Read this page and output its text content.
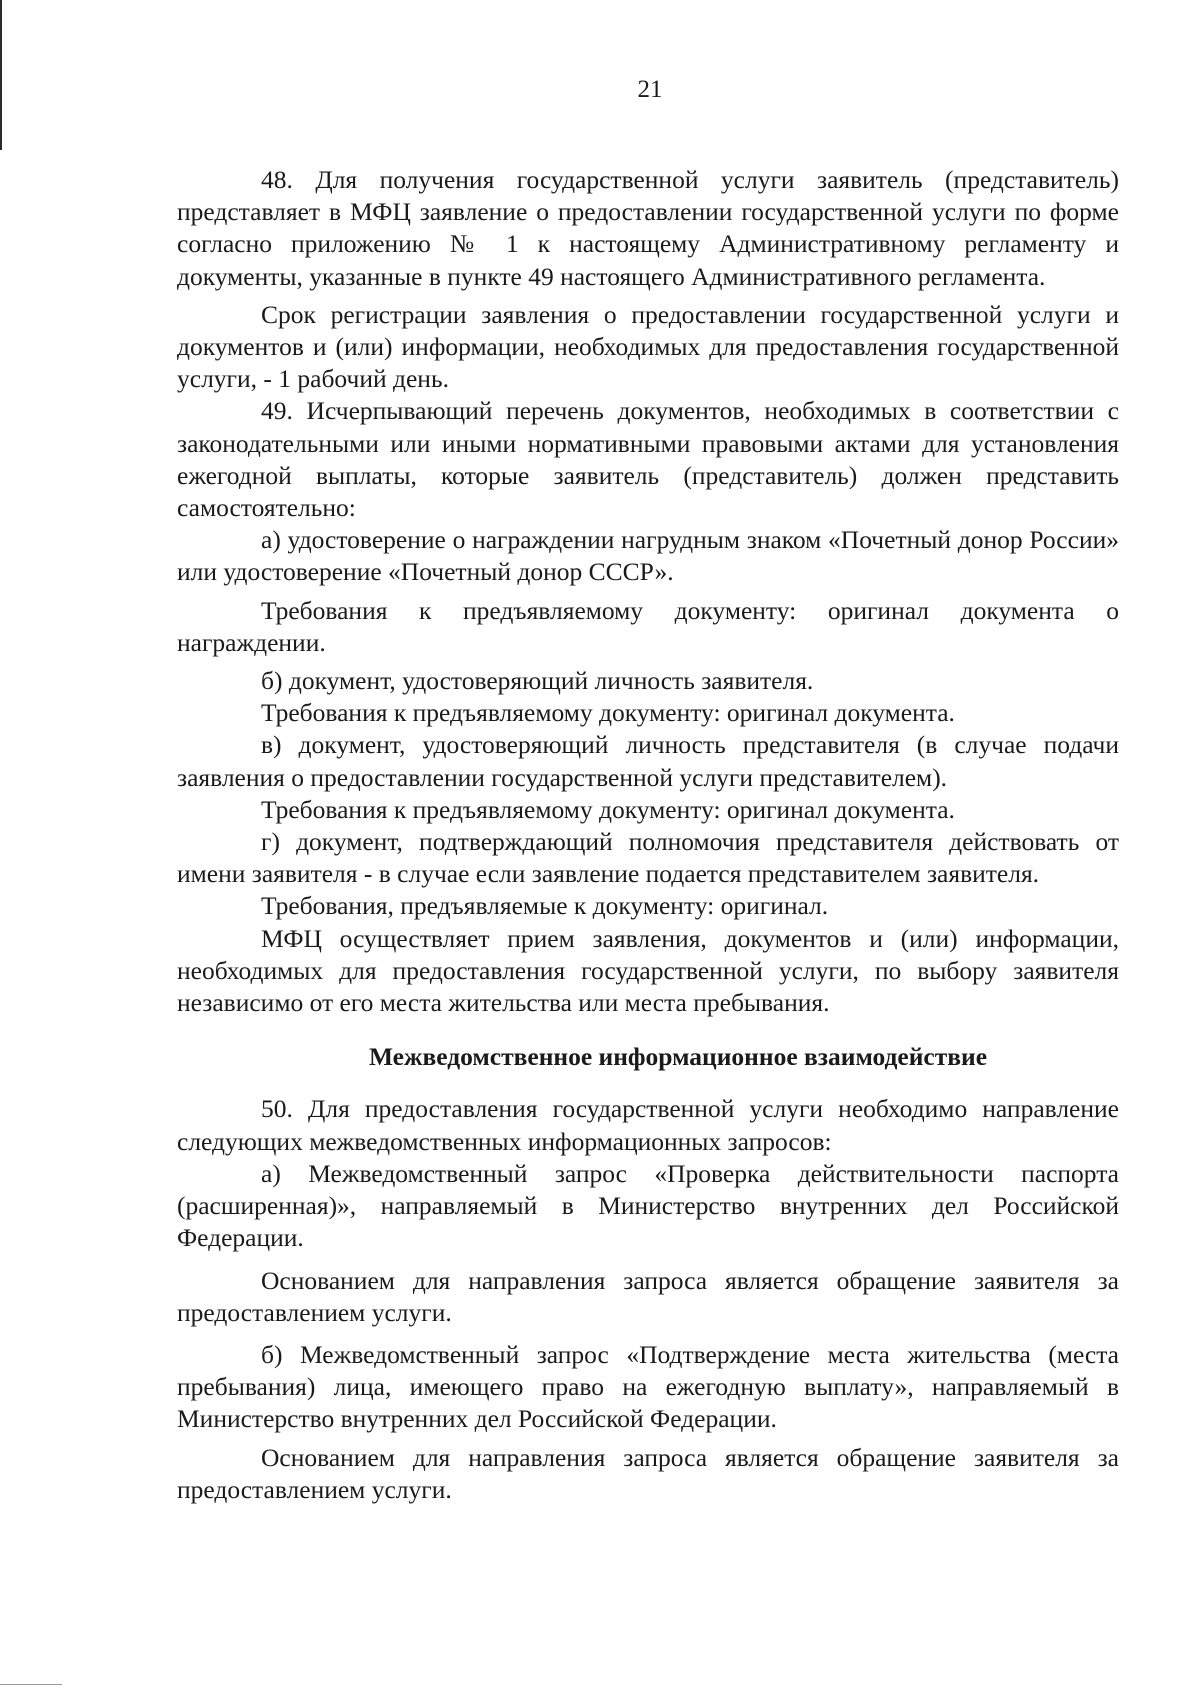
21

48. Для получения государственной услуги заявитель (представитель) представляет в МФЦ заявление о предоставлении государственной услуги по форме согласно приложению № 1 к настоящему Административному регламенту и документы, указанные в пункте 49 настоящего Административного регламента.

Срок регистрации заявления о предоставлении государственной услуги и документов и (или) информации, необходимых для предоставления государственной услуги, - 1 рабочий день.

49. Исчерпывающий перечень документов, необходимых в соответствии с законодательными или иными нормативными правовыми актами для установления ежегодной выплаты, которые заявитель (представитель) должен представить самостоятельно:

а) удостоверение о награждении нагрудным знаком «Почетный донор России» или удостоверение «Почетный донор СССР».

Требования к предъявляемому документу: оригинал документа о награждении.

б) документ, удостоверяющий личность заявителя.

Требования к предъявляемому документу: оригинал документа.

в) документ, удостоверяющий личность представителя (в случае подачи заявления о предоставлении государственной услуги представителем).

Требования к предъявляемому документу: оригинал документа.

г) документ, подтверждающий полномочия представителя действовать от имени заявителя - в случае если заявление подается представителем заявителя.

Требования, предъявляемые к документу: оригинал.

МФЦ осуществляет прием заявления, документов и (или) информации, необходимых для предоставления государственной услуги, по выбору заявителя независимо от его места жительства или места пребывания.

Межведомственное информационное взаимодействие

50. Для предоставления государственной услуги необходимо направление следующих межведомственных информационных запросов:

а) Межведомственный запрос «Проверка действительности паспорта (расширенная)», направляемый в Министерство внутренних дел Российской Федерации.

Основанием для направления запроса является обращение заявителя за предоставлением услуги.

б) Межведомственный запрос «Подтверждение места жительства (места пребывания) лица, имеющего право на ежегодную выплату», направляемый в Министерство внутренних дел Российской Федерации.

Основанием для направления запроса является обращение заявителя за предоставлением услуги.
